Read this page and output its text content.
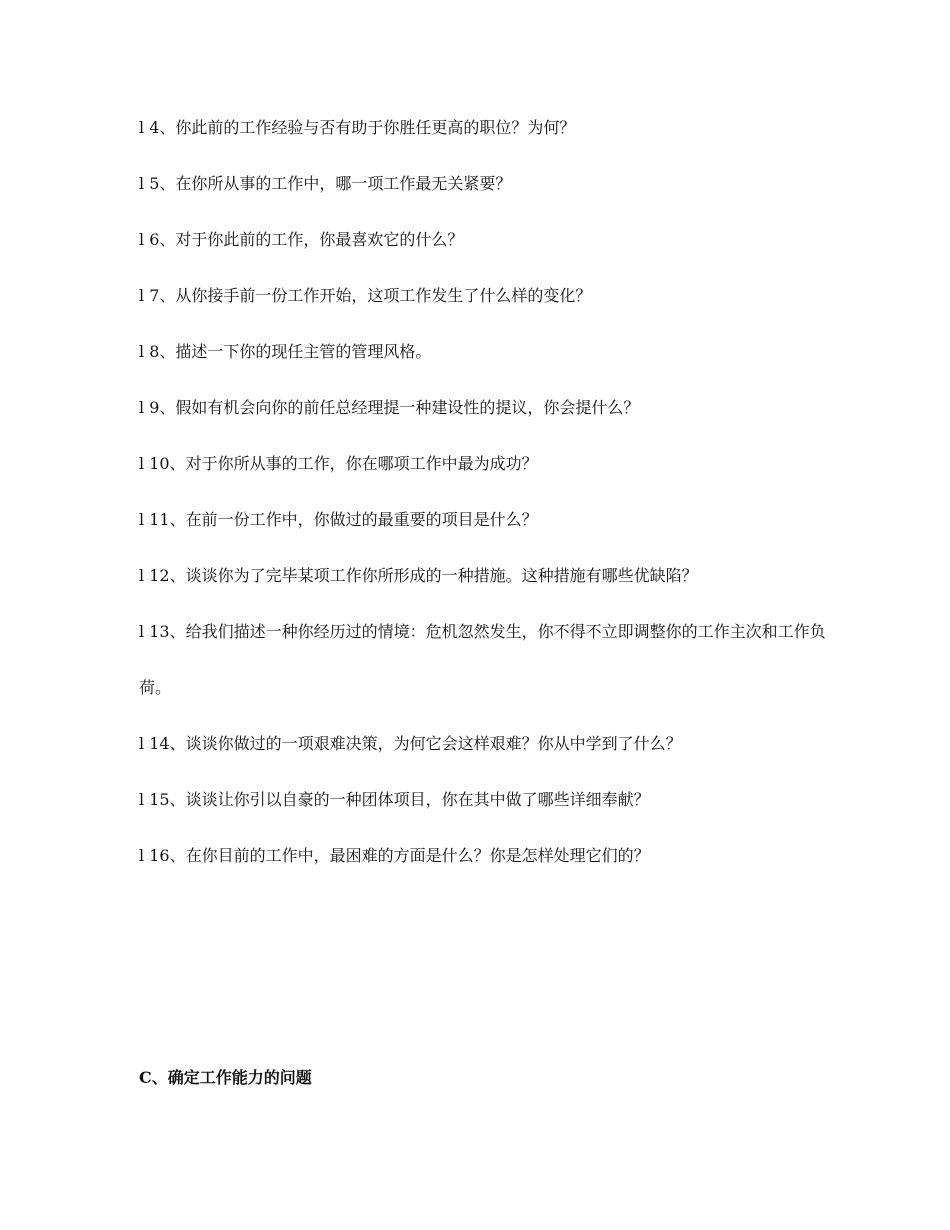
l 4、你此前的工作经验与否有助于你胜任更高的职位？为何？
l 5、在你所从事的工作中，哪一项工作最无关紧要？
l 6、对于你此前的工作，你最喜欢它的什么？
l 7、从你接手前一份工作开始，这项工作发生了什么样的变化？
l 8、描述一下你的现任主管的管理风格。
l 9、假如有机会向你的前任总经理提一种建设性的提议，你会提什么？
l 10、对于你所从事的工作，你在哪项工作中最为成功？
l 11、在前一份工作中，你做过的最重要的项目是什么？
l 12、谈谈你为了完毕某项工作你所形成的一种措施。这种措施有哪些优缺陷？
l 13、给我们描述一种你经历过的情境：危机忽然发生，你不得不立即调整你的工作主次和工作负荷。
l 14、谈谈你做过的一项艰难决策，为何它会这样艰难？你从中学到了什么？
l 15、谈谈让你引以自豪的一种团体项目，你在其中做了哪些详细奉献？
l 16、在你目前的工作中，最困难的方面是什么？你是怎样处理它们的？
C、确定工作能力的问题
